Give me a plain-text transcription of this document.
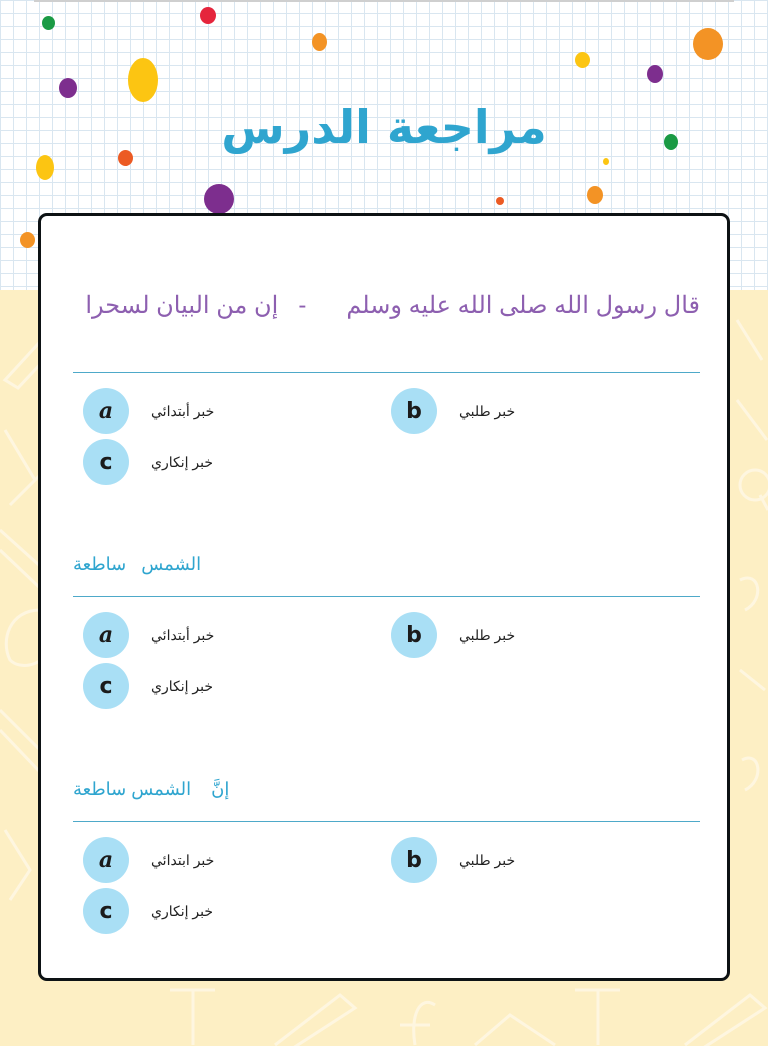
مراجعة الدرس
قال رسول الله صلى الله عليه وسلم      -   إن من البيان لسحرا
a	خبر أبتدائي	b	خبر طلبي
c	خبر إنكاري
الشمس   ساطعة
a	خبر أبتدائي	b	خبر طلبي
c	خبر إنكاري
إنَّ    الشمس ساطعة
a	خبر ابتدائي	b	خبر طلبي
c	خبر إنكاري
